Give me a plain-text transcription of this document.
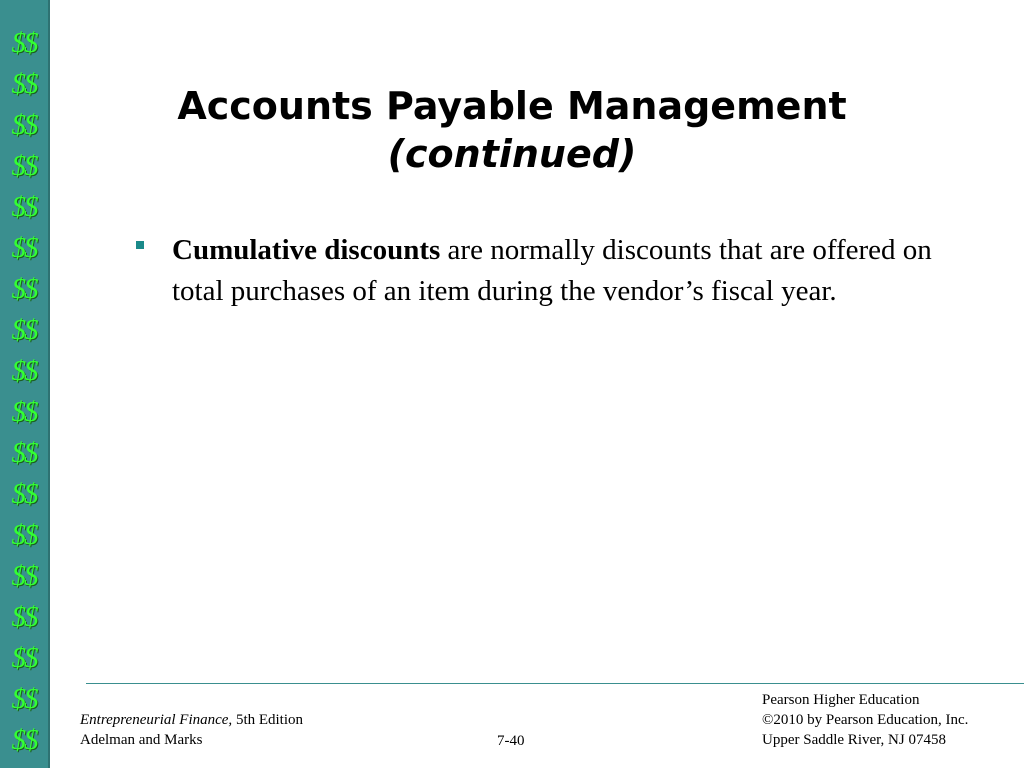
$$
$$
$$
$$
$$
$$
$$
$$
$$
$$
$$
$$
$$
$$
$$
$$
$$
$$
Accounts Payable Management
(continued)
Cumulative discounts are normally discounts that are offered on total purchases of an item during the vendor’s fiscal year.
Entrepreneurial Finance, 5th Edition
Adelman and Marks	7-40
Pearson Higher Education
©2010 by Pearson Education, Inc.
Upper Saddle River, NJ 07458
